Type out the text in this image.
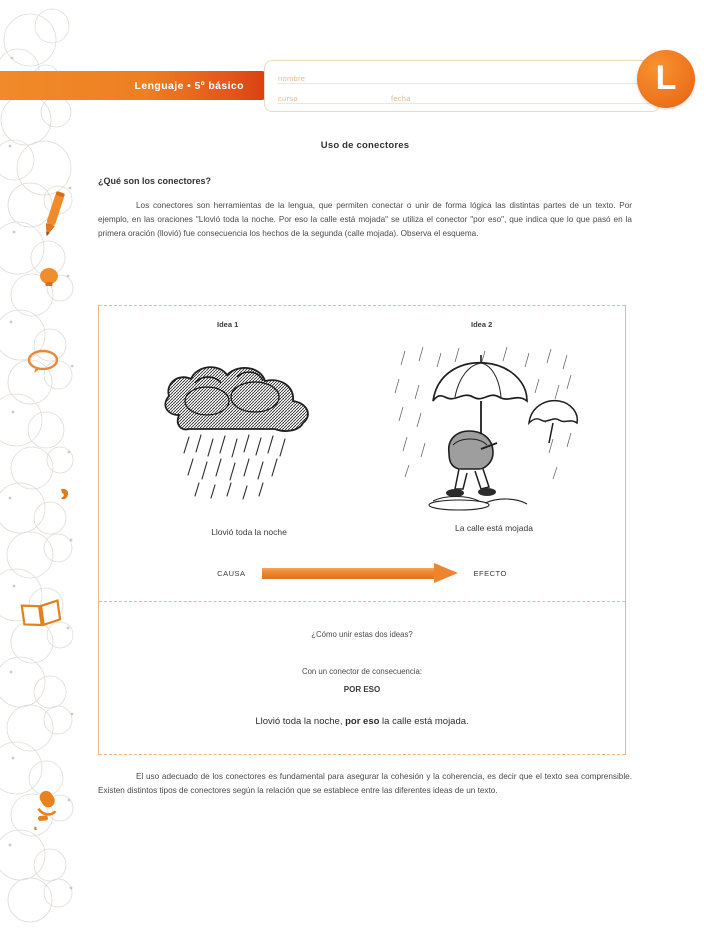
Lenguaje • 5º básico
nombre
curso	fecha
L
Uso de conectores
¿Qué son los conectores?

Los conectores son herramientas de la lengua, que permiten conectar o unir de forma lógica las distintas partes de un texto. Por ejemplo, en las oraciones "Llovió toda la noche. Por eso la calle está mojada" se utiliza el conector "por eso", que indica que lo que pasó en la primera oración (llovió) fue consecuencia los hechos de la segunda (calle mojada). Observa el esquema.

Idea 1	Idea 2
Llovió toda la noche	La calle está mojada
CAUSA	EFECTO
¿Cómo unir estas dos ideas?
Con un conector de consecuencia:
POR ESO
Llovió toda la noche, por eso la calle está mojada.

El uso adecuado de los conectores es fundamental para asegurar la cohesión y la coherencia, es decir que el texto sea comprensible. Existen distintos tipos de conectores según la relación que se establece entre las diferentes ideas de un texto.
